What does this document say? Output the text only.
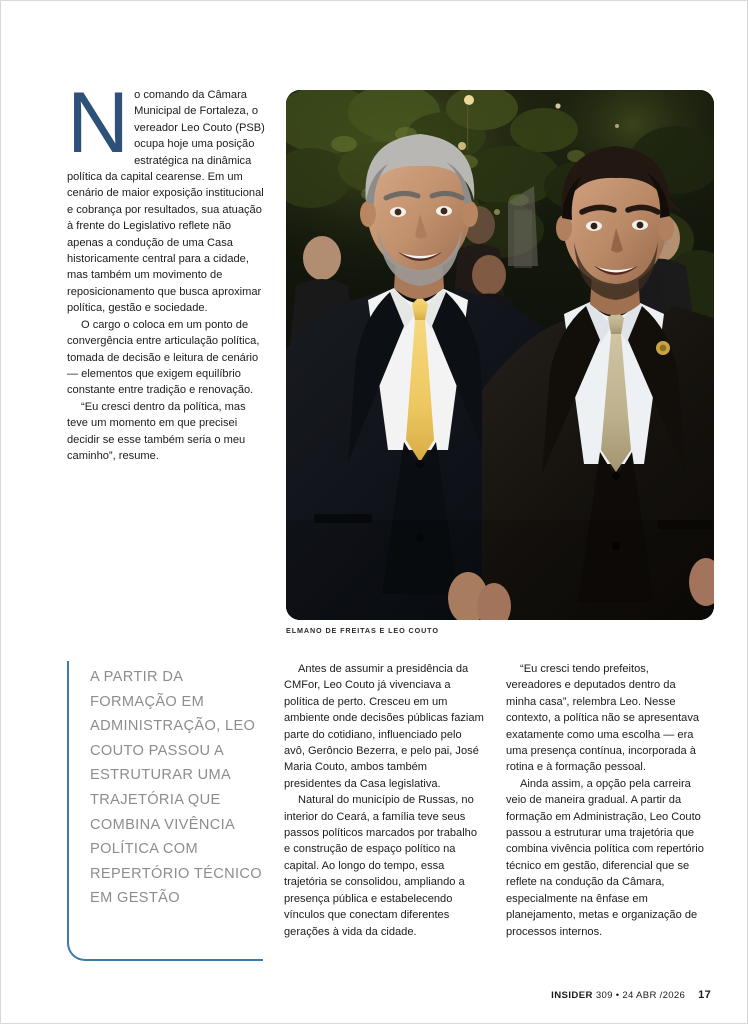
ELMANO DE FREITAS E LEO COUTO

No comando da Câmara Municipal de Fortaleza, o vereador Leo Couto (PSB) ocupa hoje uma posição estratégica na dinâmica política da capital cearense. Em um cenário de maior exposição institucional e cobrança por resultados, sua atuação à frente do Legislativo reflete não apenas a condução de uma Casa historicamente central para a cidade, mas também um movimento de reposicionamento que busca aproximar política, gestão e sociedade.

O cargo o coloca em um ponto de convergência entre articulação política, tomada de decisão e leitura de cenário — elementos que exigem equilíbrio constante entre tradição e renovação.

“Eu cresci dentro da política, mas teve um momento em que precisei decidir se esse também seria o meu caminho”, resume.

A PARTIR DA FORMAÇÃO EM ADMINISTRAÇÃO, LEO COUTO PASSOU A ESTRUTURAR UMA TRAJETÓRIA QUE COMBINA VIVÊNCIA POLÍTICA COM REPERTÓRIO TÉCNICO EM GESTÃO

Antes de assumir a presidência da CMFor, Leo Couto já vivenciava a política de perto. Cresceu em um ambiente onde decisões públicas faziam parte do cotidiano, influenciado pelo avô, Gerôncio Bezerra, e pelo pai, José Maria Couto, ambos também presidentes da Casa legislativa.

Natural do município de Russas, no interior do Ceará, a família teve seus passos políticos marcados por trabalho e construção de espaço político na capital. Ao longo do tempo, essa trajetória se consolidou, ampliando a presença pública e estabelecendo vínculos que conectam diferentes gerações à vida da cidade.

“Eu cresci tendo prefeitos, vereadores e deputados dentro da minha casa”, relembra Leo. Nesse contexto, a política não se apresentava exatamente como uma escolha — era uma presença contínua, incorporada à rotina e à formação pessoal.

Ainda assim, a opção pela carreira veio de maneira gradual. A partir da formação em Administração, Leo Couto passou a estruturar uma trajetória que combina vivência política com repertório técnico em gestão, diferencial que se reflete na condução da Câmara, especialmente na ênfase em planejamento, metas e organização de processos internos.

INSIDER 309 • 24 ABR /2026 17
